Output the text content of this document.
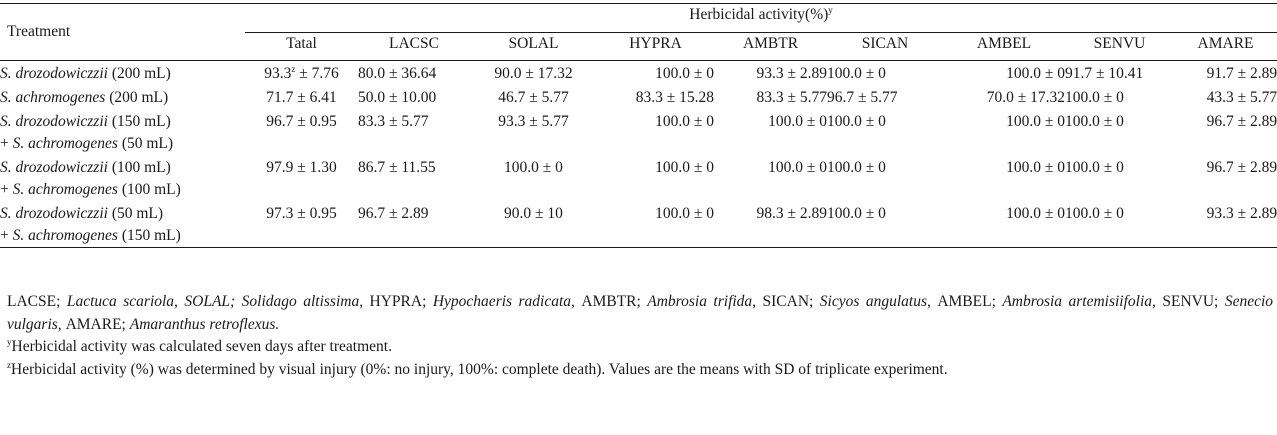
Treatment	Herbicidal activity(%)$^y$
	Tatal	LACSC	SOLAL	HYPRA	AMBTR	SICAN	AMBEL	SENVU	AMARE

S. drozodowiczzii (200 mL)	$93.3^z \pm 7.76$	80.0 ± 36.64	90.0 ± 17.32	100.0 ± 0	93.3 ± 2.89	100.0 ± 0	100.0 ± 0	91.7 ± 10.41	91.7 ± 2.89

S. achromogenes (200 mL)	71.7 ± 6.41	50.0 ± 10.00	46.7 ± 5.77	83.3 ± 15.28	83.3 ± 5.77	96.7 ± 5.77	70.0 ± 17.32	100.0 ± 0	43.3 ± 5.77

S. drozodowiczzii (150 mL)
+ S. achromogenes (50 mL)	96.7 ± 0.95	83.3 ± 5.77	93.3 ± 5.77	100.0 ± 0	100.0 ± 0	100.0 ± 0	100.0 ± 0	100.0 ± 0	96.7 ± 2.89

S. drozodowiczzii (100 mL)
+ S. achromogenes (100 mL)	97.9 ± 1.30	86.7 ± 11.55	100.0 ± 0	100.0 ± 0	100.0 ± 0	100.0 ± 0	100.0 ± 0	100.0 ± 0	96.7 ± 2.89

S. drozodowiczzii (50 mL)
+ S. achromogenes (150 mL)	97.3 ± 0.95	96.7 ± 2.89	90.0 ± 10	100.0 ± 0	98.3 ± 2.89	100.0 ± 0	100.0 ± 0	100.0 ± 0	93.3 ± 2.89

LACSE; Lactuca scariola, SOLAL; Solidago altissima, HYPRA; Hypochaeris radicata, AMBTR; Ambrosia trifida, SICAN; Sicyos angulatus, AMBEL; Ambrosia artemisiifolia, SENVU; Senecio vulgaris, AMARE; Amaranthus retroflexus.

$^y$Herbicidal activity was calculated seven days after treatment.

$^z$Herbicidal activity (%) was determined by visual injury (0%: no injury, 100%: complete death). Values are the means with SD of triplicate experiment.
